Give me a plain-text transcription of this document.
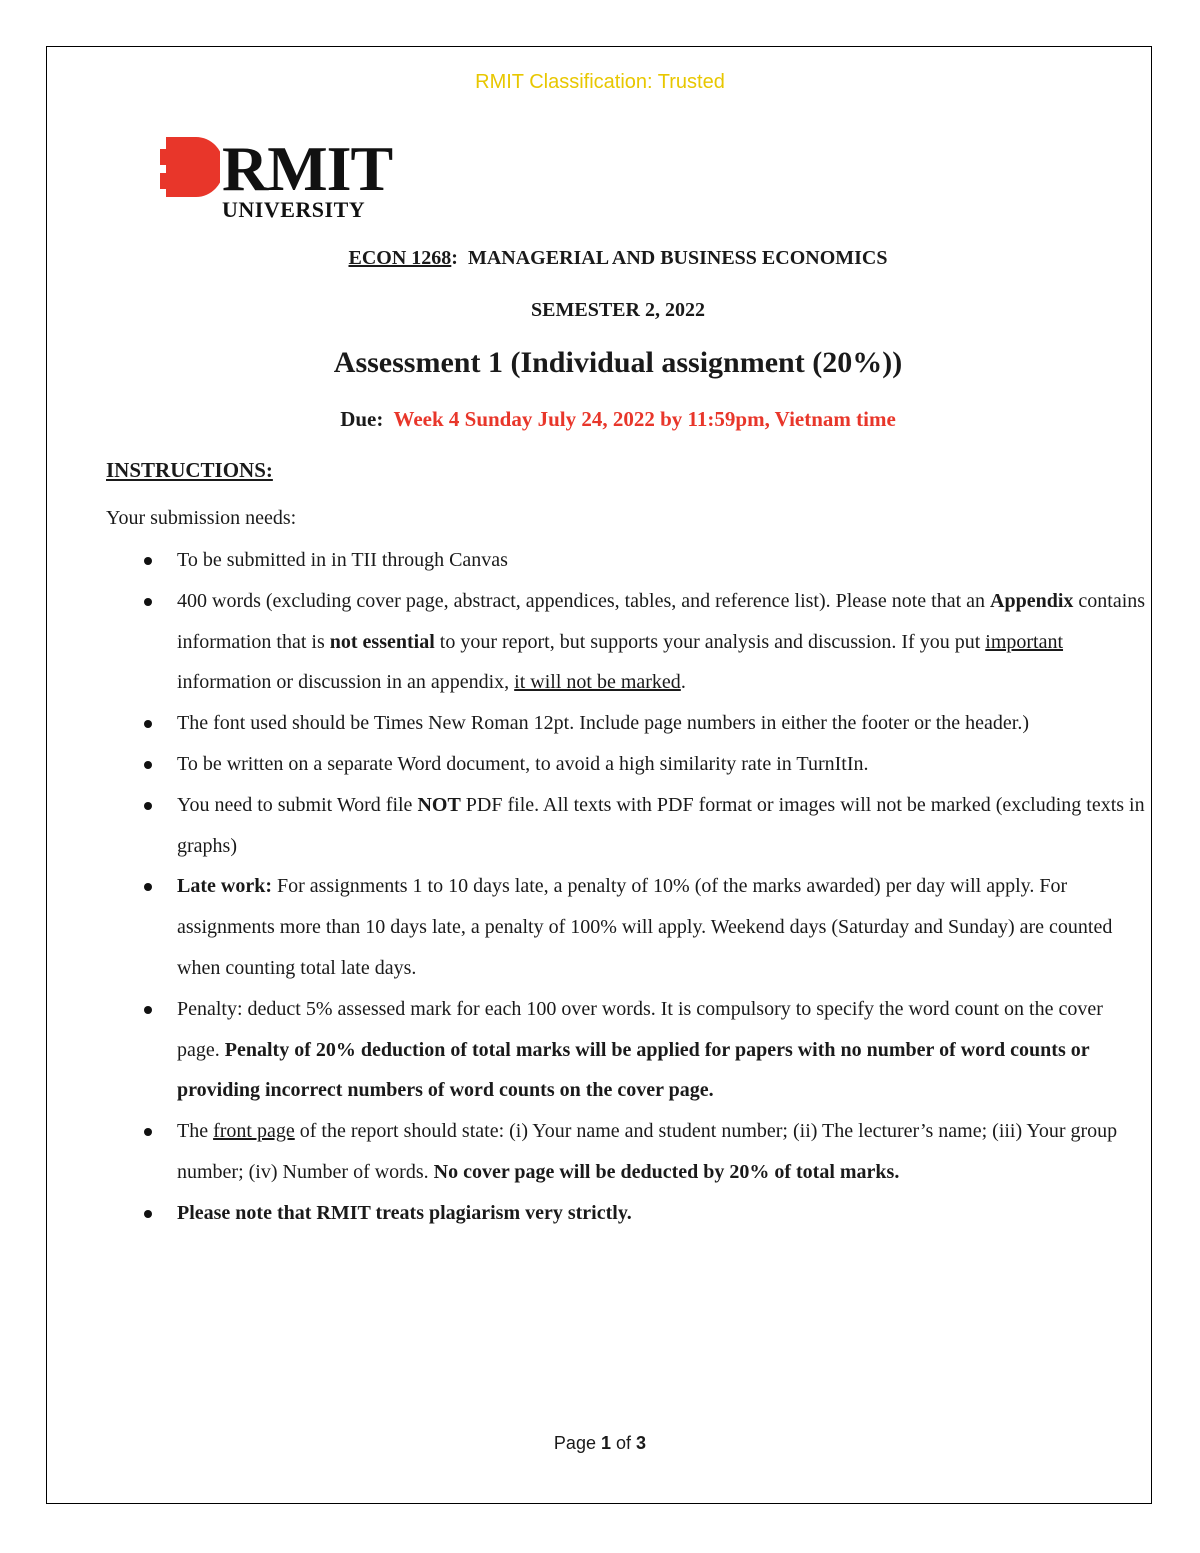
RMIT Classification: Trusted
RMIT
UNIVERSITY
ECON 1268: MANAGERIAL AND BUSINESS ECONOMICS
SEMESTER 2, 2022
Assessment 1 (Individual assignment (20%))
Due: Week 4 Sunday July 24, 2022 by 11:59pm, Vietnam time
INSTRUCTIONS:
Your submission needs:
To be submitted in in TII through Canvas
400 words (excluding cover page, abstract, appendices, tables, and reference list). Please note that an Appendix contains information that is not essential to your report, but supports your analysis and discussion. If you put important information or discussion in an appendix, it will not be marked.
The font used should be Times New Roman 12pt. Include page numbers in either the footer or the header.)
To be written on a separate Word document, to avoid a high similarity rate in TurnItIn.
You need to submit Word file NOT PDF file. All texts with PDF format or images will not be marked (excluding texts in graphs)
Late work: For assignments 1 to 10 days late, a penalty of 10% (of the marks awarded) per day will apply. For assignments more than 10 days late, a penalty of 100% will apply. Weekend days (Saturday and Sunday) are counted when counting total late days.
Penalty: deduct 5% assessed mark for each 100 over words. It is compulsory to specify the word count on the cover page. Penalty of 20% deduction of total marks will be applied for papers with no number of word counts or providing incorrect numbers of word counts on the cover page.
The front page of the report should state: (i) Your name and student number; (ii) The lecturer’s name; (iii) Your group number; (iv) Number of words. No cover page will be deducted by 20% of total marks.
Please note that RMIT treats plagiarism very strictly.
Page 1 of 3
